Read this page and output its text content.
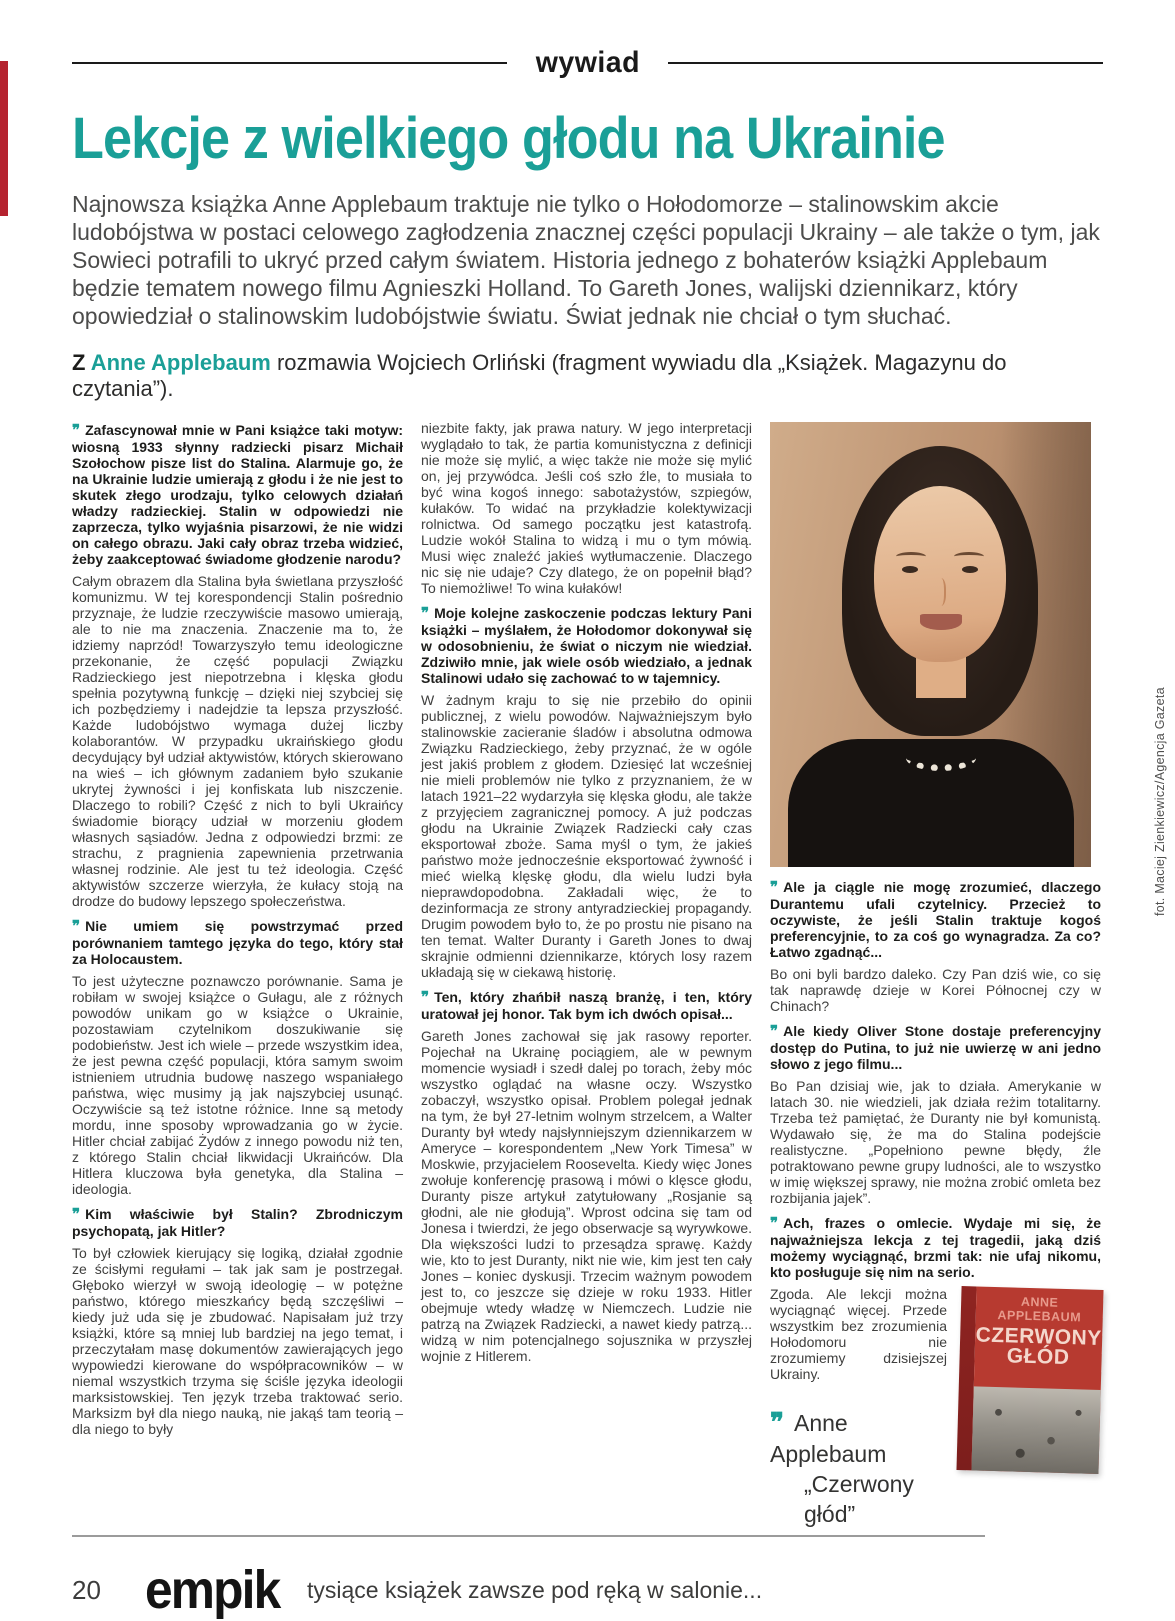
wywiad
Lekcje z wielkiego głodu na Ukrainie

Najnowsza książka Anne Applebaum traktuje nie tylko o Hołodomorze – stalinowskim akcie ludobójstwa w postaci celowego zagłodzenia znacznej części populacji Ukrainy – ale także o tym, jak Sowieci potrafili to ukryć przed całym światem. Historia jednego z bohaterów książki Applebaum będzie tematem nowego filmu Agnieszki Holland. To Gareth Jones, walijski dziennikarz, który opowiedział o stalinowskim ludobójstwie światu. Świat jednak nie chciał o tym słuchać.

Z Anne Applebaum rozmawia Wojciech Orliński (fragment wywiadu dla „Książek. Magazynu do czytania”).

❞ Zafascynował mnie w Pani książce taki motyw: wiosną 1933 słynny radziecki pisarz Michaił Szołochow pisze list do Stalina. Alarmuje go, że na Ukrainie ludzie umierają z głodu i że nie jest to skutek złego urodzaju, tylko celowych działań władzy radzieckiej. Stalin w odpowiedzi nie zaprzecza, tylko wyjaśnia pisarzowi, że nie widzi on całego obrazu. Jaki cały obraz trzeba widzieć, żeby zaakceptować świadome głodzenie narodu?

Całym obrazem dla Stalina była świetlana przyszłość komunizmu. W tej korespondencji Stalin pośrednio przyznaje, że ludzie rzeczywiście masowo umierają, ale to nie ma znaczenia. Znaczenie ma to, że idziemy naprzód! Towarzyszyło temu ideologiczne przekonanie, że część populacji Związku Radzieckiego jest niepotrzebna i klęska głodu spełnia pozytywną funkcję – dzięki niej szybciej się ich pozbędziemy i nadejdzie ta lepsza przyszłość. Każde ludobójstwo wymaga dużej liczby kolaborantów. W przypadku ukraińskiego głodu decydujący był udział aktywistów, których skierowano na wieś – ich głównym zadaniem było szukanie ukrytej żywności i jej konfiskata lub niszczenie. Dlaczego to robili? Część z nich to byli Ukraińcy świadomie biorący udział w morzeniu głodem własnych sąsiadów. Jedna z odpowiedzi brzmi: ze strachu, z pragnienia zapewnienia przetrwania własnej rodzinie. Ale jest tu też ideologia. Część aktywistów szczerze wierzyła, że kułacy stoją na drodze do budowy lepszego społeczeństwa.

❞ Nie umiem się powstrzymać przed porównaniem tamtego języka do tego, który stał za Holocaustem.

To jest użyteczne poznawczo porównanie. Sama je robiłam w swojej książce o Gułagu, ale z różnych powodów unikam go w książce o Ukrainie, pozostawiam czytelnikom doszukiwanie się podobieństw. Jest ich wiele – przede wszystkim idea, że jest pewna część populacji, która samym swoim istnieniem utrudnia budowę naszego wspaniałego państwa, więc musimy ją jak najszybciej usunąć. Oczywiście są też istotne różnice. Inne są metody mordu, inne sposoby wprowadzania go w życie. Hitler chciał zabijać Żydów z innego powodu niż ten, z którego Stalin chciał likwidacji Ukraińców. Dla Hitlera kluczowa była genetyka, dla Stalina – ideologia.

❞ Kim właściwie był Stalin? Zbrodniczym psychopatą, jak Hitler?

To był człowiek kierujący się logiką, działał zgodnie ze ścisłymi regułami – tak jak sam je postrzegał. Głęboko wierzył w swoją ideologię – w potężne państwo, którego mieszkańcy będą szczęśliwi – kiedy już uda się je zbudować. Napisałam już trzy książki, które są mniej lub bardziej na jego temat, i przeczytałam masę dokumentów zawierających jego wypowiedzi kierowane do współpracowników – w niemal wszystkich trzyma się ściśle języka ideologii marksistowskiej. Ten język trzeba traktować serio. Marksizm był dla niego nauką, nie jakąś tam teorią – dla niego to były

niezbite fakty, jak prawa natury. W jego interpretacji wyglądało to tak, że partia komunistyczna z definicji nie może się mylić, a więc także nie może się mylić on, jej przywódca. Jeśli coś szło źle, to musiała to być wina kogoś innego: sabotażystów, szpiegów, kułaków. To widać na przykładzie kolektywizacji rolnictwa. Od samego początku jest katastrofą. Ludzie wokół Stalina to widzą i mu o tym mówią. Musi więc znaleźć jakieś wytłumaczenie. Dlaczego nic się nie udaje? Czy dlatego, że on popełnił błąd? To niemożliwe! To wina kułaków!

❞ Moje kolejne zaskoczenie podczas lektury Pani książki – myślałem, że Hołodomor dokonywał się w odosobnieniu, że świat o niczym nie wiedział. Zdziwiło mnie, jak wiele osób wiedziało, a jednak Stalinowi udało się zachować to w tajemnicy.

W żadnym kraju to się nie przebiło do opinii publicznej, z wielu powodów. Najważniejszym było stalinowskie zacieranie śladów i absolutna odmowa Związku Radzieckiego, żeby przyznać, że w ogóle jest jakiś problem z głodem. Dziesięć lat wcześniej nie mieli problemów nie tylko z przyznaniem, że w latach 1921–22 wydarzyła się klęska głodu, ale także z przyjęciem zagranicznej pomocy. A już podczas głodu na Ukrainie Związek Radziecki cały czas eksportował zboże. Sama myśl o tym, że jakieś państwo może jednocześnie eksportować żywność i mieć wielką klęskę głodu, dla wielu ludzi była nieprawdopodobna. Zakładali więc, że to dezinformacja ze strony antyradzieckiej propagandy. Drugim powodem było to, że po prostu nie pisano na ten temat. Walter Duranty i Gareth Jones to dwaj skrajnie odmienni dziennikarze, których losy razem układają się w ciekawą historię.

❞ Ten, który zhańbił naszą branżę, i ten, który uratował jej honor. Tak bym ich dwóch opisał...

Gareth Jones zachował się jak rasowy reporter. Pojechał na Ukrainę pociągiem, ale w pewnym momencie wysiadł i szedł dalej po torach, żeby móc wszystko oglądać na własne oczy. Wszystko zobaczył, wszystko opisał. Problem polegał jednak na tym, że był 27-letnim wolnym strzelcem, a Walter Duranty był wtedy najsłynniejszym dziennikarzem w Ameryce – korespondentem „New York Timesa” w Moskwie, przyjacielem Roosevelta. Kiedy więc Jones zwołuje konferencję prasową i mówi o klęsce głodu, Duranty pisze artykuł zatytułowany „Rosjanie są głodni, ale nie głodują”. Wprost odcina się tam od Jonesa i twierdzi, że jego obserwacje są wyrywkowe. Dla większości ludzi to przesądza sprawę. Każdy wie, kto to jest Duranty, nikt nie wie, kim jest ten cały Jones – koniec dyskusji. Trzecim ważnym powodem jest to, co jeszcze się dzieje w roku 1933. Hitler obejmuje wtedy władzę w Niemczech. Ludzie nie patrzą na Związek Radziecki, a nawet kiedy patrzą... widzą w nim potencjalnego sojusznika w przyszłej wojnie z Hitlerem.

❞ Ale ja ciągle nie mogę zrozumieć, dlaczego Durantemu ufali czytelnicy. Przecież to oczywiste, że jeśli Stalin traktuje kogoś preferencyjnie, to za coś go wynagradza. Za co? Łatwo zgadnąć...

Bo oni byli bardzo daleko. Czy Pan dziś wie, co się tak naprawdę dzieje w Korei Północnej czy w Chinach?

❞ Ale kiedy Oliver Stone dostaje preferencyjny dostęp do Putina, to już nie uwierzę w ani jedno słowo z jego filmu...

Bo Pan dzisiaj wie, jak to działa. Amerykanie w latach 30. nie wiedzieli, jak działa reżim totalitarny. Trzeba też pamiętać, że Duranty nie był komunistą. Wydawało się, że ma do Stalina podejście realistyczne. „Popełniono pewne błędy, źle potraktowano pewne grupy ludności, ale to wszystko w imię większej sprawy, nie można zrobić omleta bez rozbijania jajek”.

❞ Ach, frazes o omlecie. Wydaje mi się, że najważniejsza lekcja z tej tragedii, jaką dziś możemy wyciągnąć, brzmi tak: nie ufaj nikomu, kto posługuje się nim na serio.

ANNE
APPLEBAUM
CZERWONY
GŁÓD

Zgoda. Ale lekcji można wyciągnąć więcej. Przede wszystkim bez zrozumienia Hołodomoru nie zrozumiemy dzisiejszej Ukrainy.

❞ Anne Applebaum
„Czerwony głód”
fot. Maciej Zienkiewicz/Agencja Gazeta
20 empik tysiące książek zawsze pod ręką w salonie...
